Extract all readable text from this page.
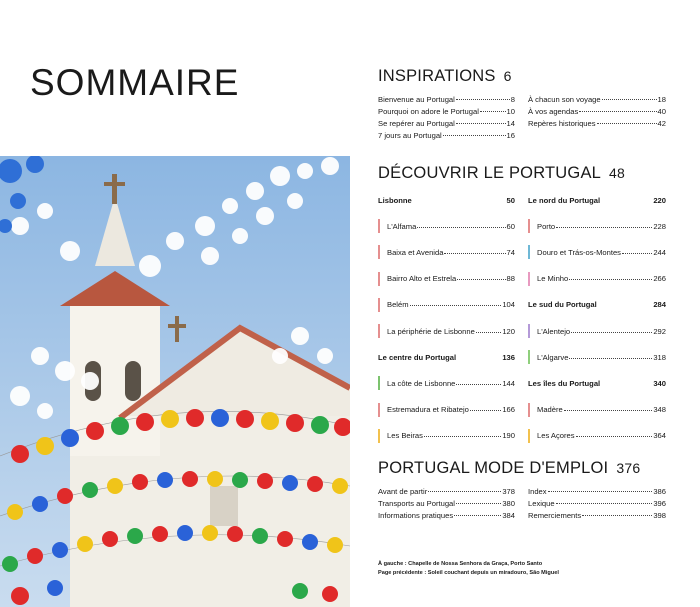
SOMMAIRE	INSPIRATIONS 6
Bienvenue au Portugal	8
Pourquoi on adore le Portugal	10
Se repérer au Portugal	14
7 jours au Portugal	16
À chacun son voyage	18
À vos agendas	40
Repères historiques	42
DÉCOUVRIR LE PORTUGAL 48
Lisbonne	50
L'Alfama	60
Baixa et Avenida	74
Bairro Alto et Estrela	88
Belém	104
La périphérie de Lisbonne	120
Le centre du Portugal	136
La côte de Lisbonne	144
Estremadura et Ribatejo	166
Les Beiras	190
Le nord du Portugal	220
Porto	228
Douro et Trás-os-Montes	244
Le Minho	266
Le sud du Portugal	284
L'Alentejo	292
L'Algarve	318
Les îles du Portugal	340
Madère	348
Les Açores	364
PORTUGAL MODE D'EMPLOI 376
Avant de partir	378
Transports au Portugal	380
Informations pratiques	384
Index	386
Lexique	396
Remerciements	398
À gauche : Chapelle de Nossa Senhora da Graça, Porto Santo
Page précédente : Soleil couchant depuis un miradouro, São Miguel
